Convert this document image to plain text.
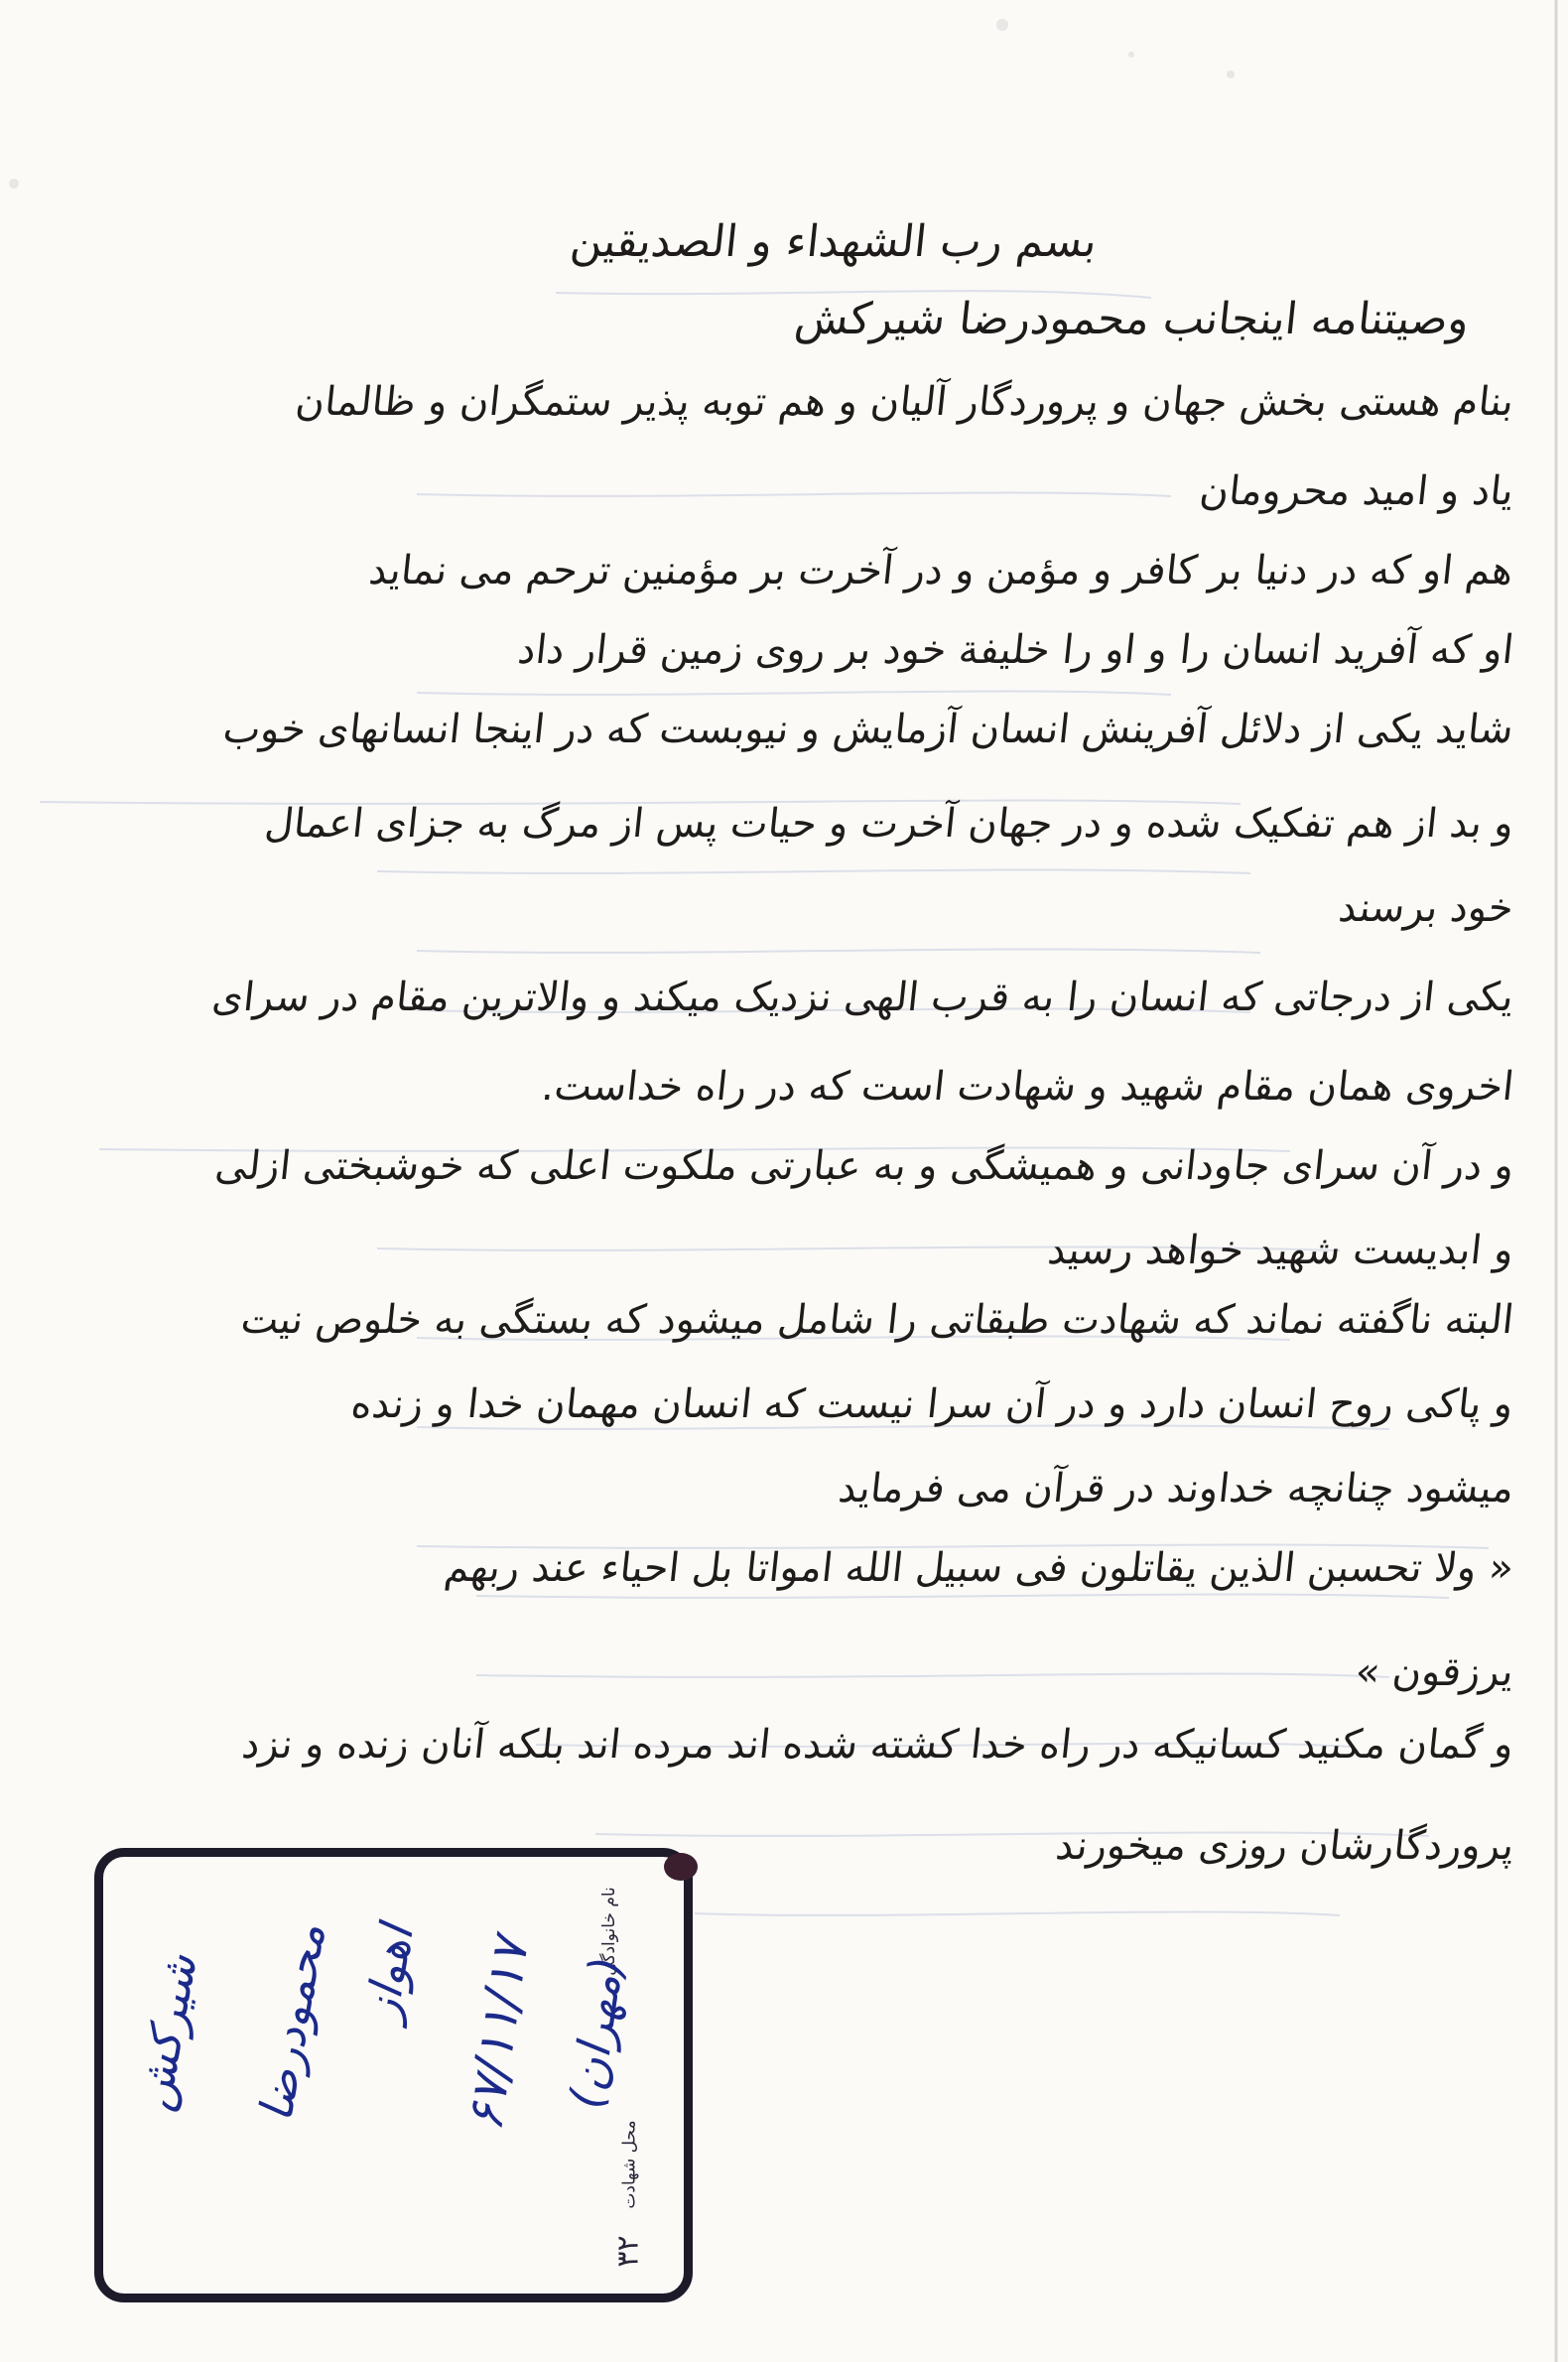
بسم رب الشهداء و الصدیقین
وصیتنامه اینجانب محمودرضا شیرکش
بنام هستی بخش جهان و پروردگار آلیان و هم توبه پذیر ستمگران و ظالمان
یاد و امید محرومان
هم او که در دنیا بر کافر و مؤمن و در آخرت بر مؤمنین ترحم می نماید
او که آفرید انسان را و او را خلیفة خود بر روی زمین قرار داد
شاید یکی از دلائل آفرینش انسان آزمایش و نیوبست که در اینجا انسانهای خوب
و بد از هم تفکیک شده و در جهان آخرت و حیات پس از مرگ به جزای اعمال
خود برسند
یکی از درجاتی که انسان را به قرب الهی نزدیک میکند و والاترین مقام در سرای
اخروی همان مقام شهید و شهادت است که در راه خداست.
و در آن سرای جاودانی و همیشگی و به عبارتی ملکوت اعلی که خوشبختی ازلی
و ابدیست شهید خواهد رسید
البته ناگفته نماند که شهادت طبقاتی را شامل میشود که بستگی به خلوص نیت
و پاکی روح انسان دارد و در آن سرا نیست که انسان مهمان خدا و زنده
میشود چنانچه خداوند در قرآن می فرماید
« ولا تحسبن الذین یقاتلون فی سبیل الله امواتا بل احیاء عند ربهم
یرزقون »
و گمان مکنید کسانیکه در راه خدا کشته شده اند مرده اند بلکه آنان زنده و نزد
پروردگارشان روزی میخورند
نام خانوادگی
محل شهادت
۳۲
شیرکش محمودرضا اهواز ۶۷/۱۱/۱۷ (مهران)
